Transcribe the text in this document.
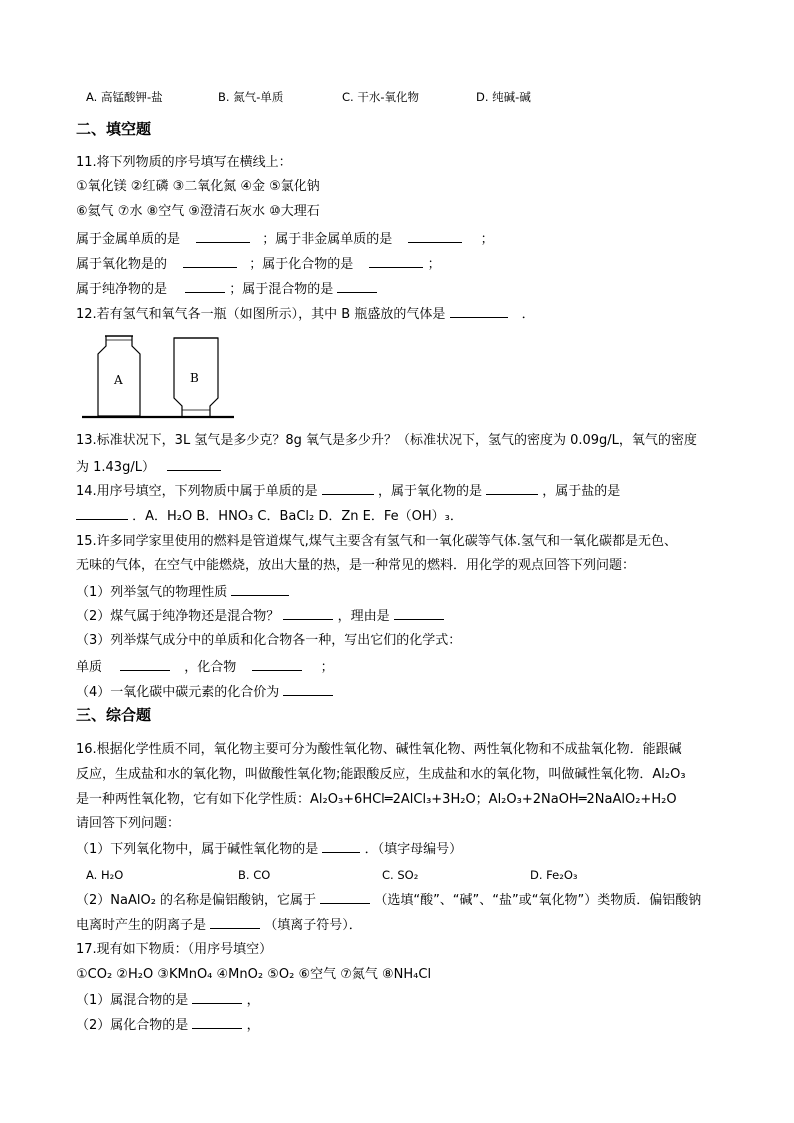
A. 高锰酸钾-盐	B. 氮气-单质	C. 干水-氧化物	D. 纯碱-碱
二、填空题
11.将下列物质的序号填写在横线上：
①氧化镁 ②红磷 ③二氧化氮 ④金 ⑤氯化钠
⑥氦气 ⑦水 ⑧空气 ⑨澄清石灰水 ⑩大理石
属于金属单质的是	；属于非金属单质的是	；
属于氧化物是的	；属于化合物的是	；
属于纯净物的是	；属于混合物的是
12.若有氢气和氧气各一瓶（如图所示），其中 B 瓶盛放的气体是	．
A	B
13.标准状况下，3L 氢气是多少克？8g 氧气是多少升？（标准状况下，氢气的密度为 0.09g/L，氧气的密度
为 1.43g/L）
14.用序号填空，下列物质中属于单质的是	，属于氧化物的是	，属于盐的是
．A．H₂O B．HNO₃ C．BaCl₂ D．Zn E．Fe（OH）₃．
15.许多同学家里使用的燃料是管道煤气,煤气主要含有氢气和一氧化碳等气体.氢气和一氧化碳都是无色、
无味的气体，在空气中能燃烧，放出大量的热，是一种常见的燃料．用化学的观点回答下列问题：
（1）列举氢气的物理性质
（2）煤气属于纯净物还是混合物？	，理由是
（3）列举煤气成分中的单质和化合物各一种，写出它们的化学式：
单质	，化合物	；
（4）一氧化碳中碳元素的化合价为
三、综合题
16.根据化学性质不同，氧化物主要可分为酸性氧化物、碱性氧化物、两性氧化物和不成盐氧化物．能跟碱
反应，生成盐和水的氧化物，叫做酸性氧化物;能跟酸反应，生成盐和水的氧化物，叫做碱性氧化物．Al₂O₃
是一种两性氧化物，它有如下化学性质：Al₂O₃+6HCl═2AlCl₃+3H₂O；Al₂O₃+2NaOH═2NaAlO₂+H₂O
请回答下列问题：
（1）下列氧化物中，属于碱性氧化物的是	．（填字母编号）
A. H₂O	B. CO	C. SO₂	D. Fe₂O₃
（2）NaAlO₂ 的名称是偏铝酸钠，它属于	（选填“酸”、“碱”、“盐”或“氧化物”）类物质．偏铝酸钠
电离时产生的阴离子是	（填离子符号）．
17.现有如下物质：（用序号填空）
①CO₂ ②H₂O ③KMnO₄ ④MnO₂ ⑤O₂ ⑥空气 ⑦氮气 ⑧NH₄Cl
（1）属混合物的是	，
（2）属化合物的是	，
